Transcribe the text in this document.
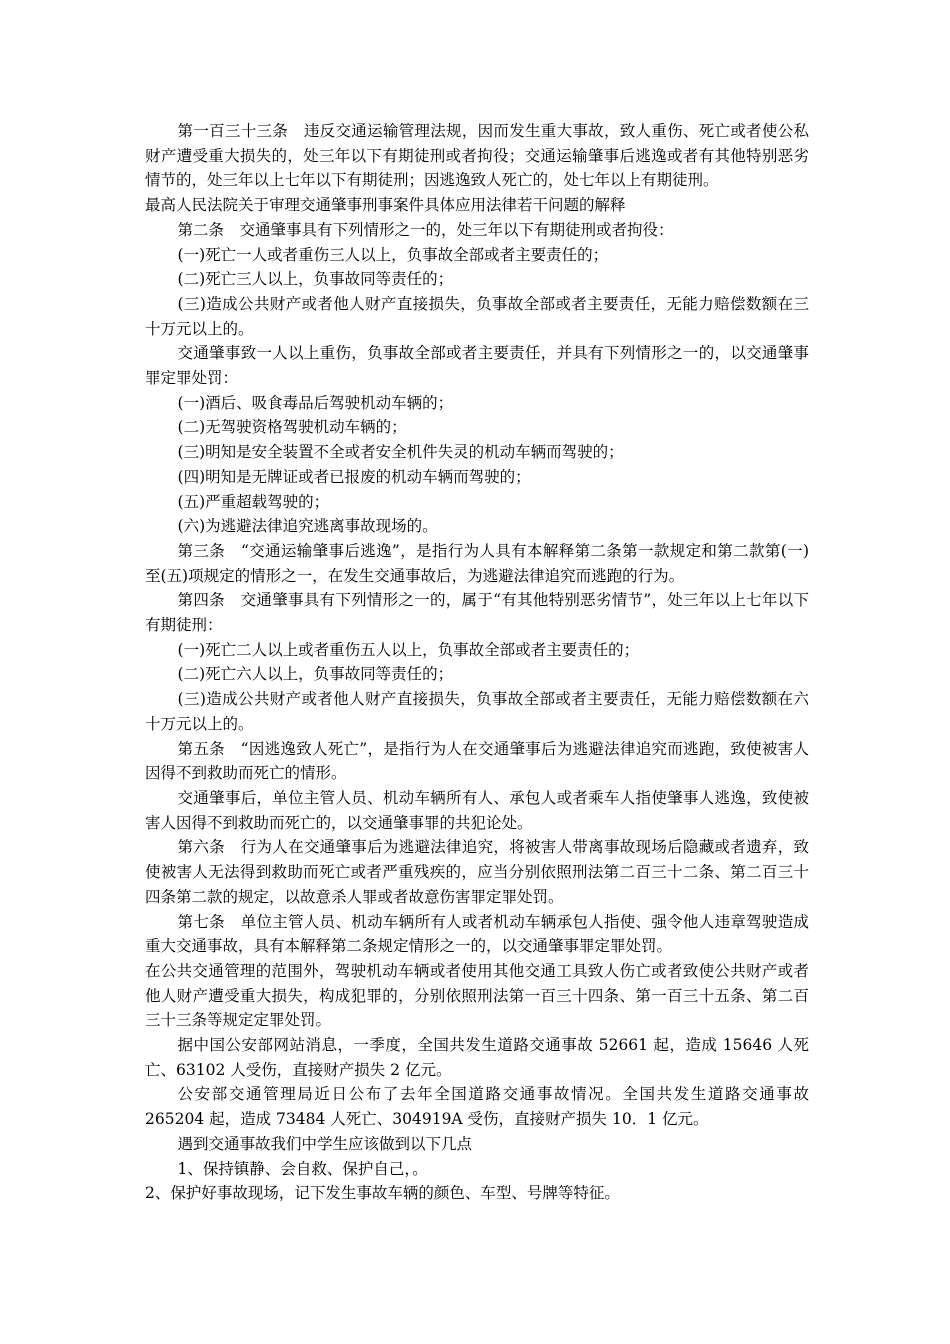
第一百三十三条　违反交通运输管理法规，因而发生重大事故，致人重伤、死亡或者使公私财产遭受重大损失的，处三年以下有期徒刑或者拘役；交通运输肇事后逃逸或者有其他特别恶劣情节的，处三年以上七年以下有期徒刑；因逃逸致人死亡的，处七年以上有期徒刑。

最高人民法院关于审理交通肇事刑事案件具体应用法律若干问题的解释

第二条　交通肇事具有下列情形之一的，处三年以下有期徒刑或者拘役：

(一)死亡一人或者重伤三人以上，负事故全部或者主要责任的；

(二)死亡三人以上，负事故同等责任的；

(三)造成公共财产或者他人财产直接损失，负事故全部或者主要责任，无能力赔偿数额在三十万元以上的。

交通肇事致一人以上重伤，负事故全部或者主要责任，并具有下列情形之一的，以交通肇事罪定罪处罚：

(一)酒后、吸食毒品后驾驶机动车辆的；

(二)无驾驶资格驾驶机动车辆的；

(三)明知是安全装置不全或者安全机件失灵的机动车辆而驾驶的；

(四)明知是无牌证或者已报废的机动车辆而驾驶的；

(五)严重超载驾驶的；

(六)为逃避法律追究逃离事故现场的。

第三条　“交通运输肇事后逃逸”，是指行为人具有本解释第二条第一款规定和第二款第(一)至(五)项规定的情形之一，在发生交通事故后，为逃避法律追究而逃跑的行为。

第四条　交通肇事具有下列情形之一的，属于“有其他特别恶劣情节”，处三年以上七年以下有期徒刑：

(一)死亡二人以上或者重伤五人以上，负事故全部或者主要责任的；

(二)死亡六人以上，负事故同等责任的；

(三)造成公共财产或者他人财产直接损失，负事故全部或者主要责任，无能力赔偿数额在六十万元以上的。

第五条　“因逃逸致人死亡”，是指行为人在交通肇事后为逃避法律追究而逃跑，致使被害人因得不到救助而死亡的情形。

交通肇事后，单位主管人员、机动车辆所有人、承包人或者乘车人指使肇事人逃逸，致使被害人因得不到救助而死亡的，以交通肇事罪的共犯论处。

第六条　行为人在交通肇事后为逃避法律追究，将被害人带离事故现场后隐藏或者遗弃，致使被害人无法得到救助而死亡或者严重残疾的，应当分别依照刑法第二百三十二条、第二百三十四条第二款的规定，以故意杀人罪或者故意伤害罪定罪处罚。

第七条　单位主管人员、机动车辆所有人或者机动车辆承包人指使、强令他人违章驾驶造成重大交通事故，具有本解释第二条规定情形之一的，以交通肇事罪定罪处罚。

在公共交通管理的范围外，驾驶机动车辆或者使用其他交通工具致人伤亡或者致使公共财产或者他人财产遭受重大损失，构成犯罪的，分别依照刑法第一百三十四条、第一百三十五条、第二百三十三条等规定定罪处罚。

据中国公安部网站消息，一季度，全国共发生道路交通事故 52661 起，造成 15646 人死亡、63102 人受伤，直接财产损失 2 亿元。

公安部交通管理局近日公布了去年全国道路交通事故情况。全国共发生道路交通事故 265204 起，造成 73484 人死亡、304919A 受伤，直接财产损失 10．1 亿元。

遇到交通事故我们中学生应该做到以下几点

1、保持镇静、会自救、保护自己，。

2、保护好事故现场，记下发生事故车辆的颜色、车型、号牌等特征。
